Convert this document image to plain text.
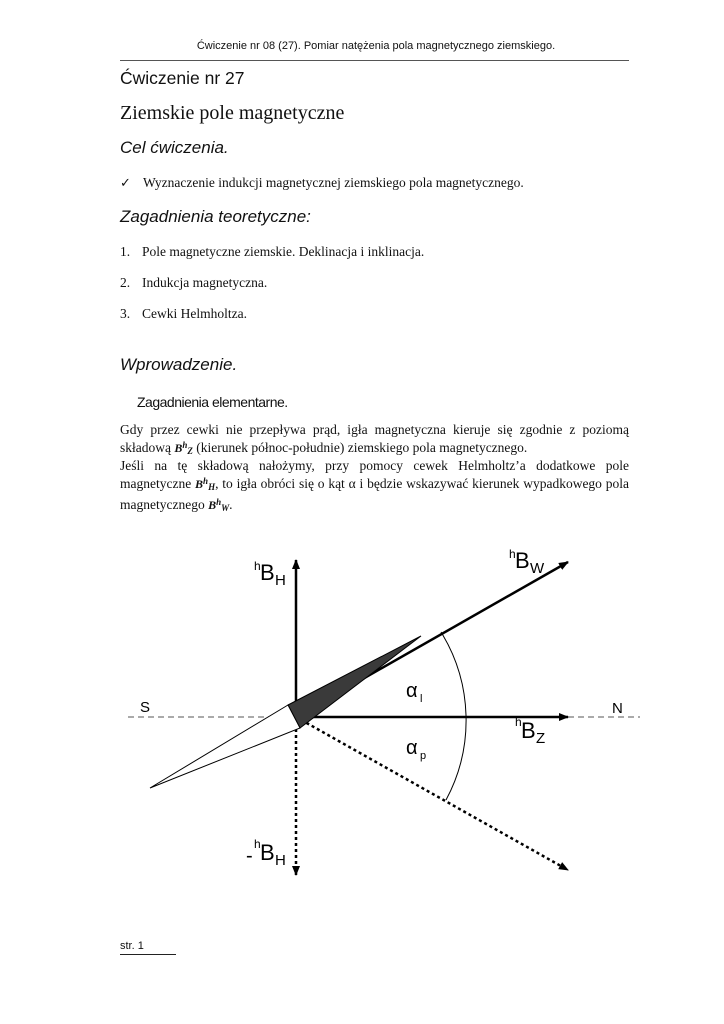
Ćwiczenie nr 08 (27). Pomiar natężenia pola magnetycznego ziemskiego.
Ćwiczenie nr 27
Ziemskie pole magnetyczne
Cel ćwiczenia.
✓ Wyznaczenie indukcji magnetycznej ziemskiego pola magnetycznego.
Zagadnienia teoretyczne:
1. Pole magnetyczne ziemskie. Deklinacja i inklinacja.
2. Indukcja magnetyczna.
3. Cewki Helmholtza.
Wprowadzenie.
Zagadnienia elementarne.
Gdy przez cewki nie przepływa prąd, igła magnetyczna kieruje się zgodnie z poziomą składową $B^h_Z$ (kierunek północ-południe) ziemskiego pola magnetycznego.
Jeśli na tę składową nałożymy, przy pomocy cewek Helmholtz’a dodatkowe pole magnetyczne $B^h_H$, to igła obróci się o kąt α i będzie wskazywać kierunek wypadkowego pola magnetycznego $B^h_W$.
S	N
h B H
h B W
h B Z
-
h B H
α l
α p
str. 1
